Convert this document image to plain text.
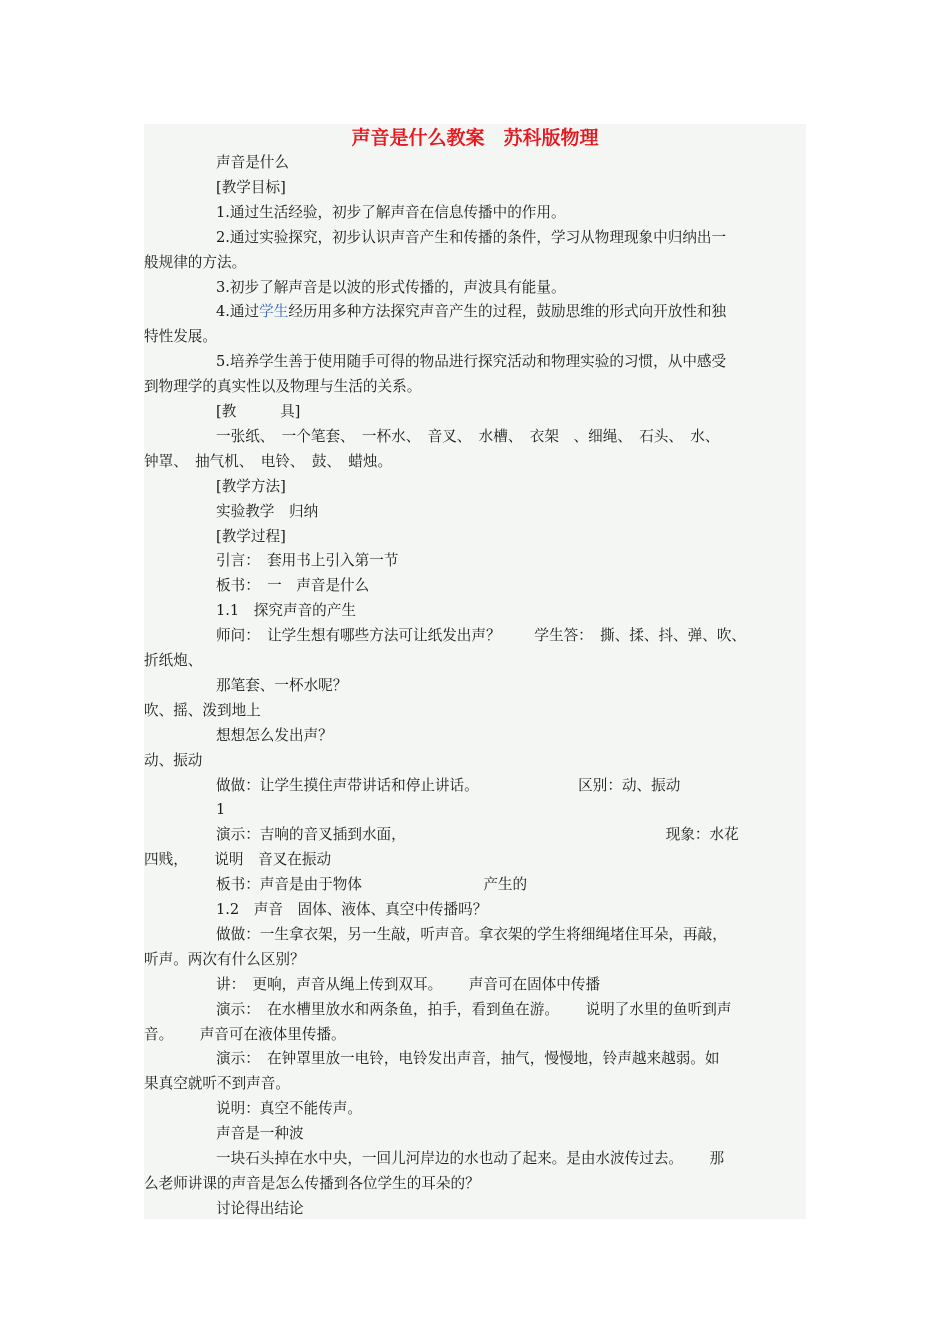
声音是什么教案　苏科版物理
声音是什么
[教学目标]
1.通过生活经验，初步了解声音在信息传播中的作用。
2.通过实验探究，初步认识声音产生和传播的条件，学习从物理现象中归纳出一
般规律的方法。
3.初步了解声音是以波的形式传播的，声波具有能量。
4.通过学生经历用多种方法探究声音产生的过程，鼓励思维的形式向开放性和独
特性发展。
5.培养学生善于使用随手可得的物品进行探究活动和物理实验的习惯，从中感受
到物理学的真实性以及物理与生活的关系。
[教　　　具]
一张纸、　一个笔套、　一杯水、　音叉、　水槽、　衣架　、细绳、　石头、　水、
钟罩、　抽气机、　电铃、　鼓、　蜡烛。
[教学方法]
实验教学　归纳
[教学过程]
引言：　套用书上引入第一节
板书：　一　声音是什么
1.1　探究声音的产生
师问：　让学生想有哪些方法可让纸发出声？　　 学生答：　撕、揉、抖、弹、吹、
折纸炮、
那笔套、一杯水呢？
吹、摇、泼到地上
想想怎么发出声？
动、振动
做做：让学生摸住声带讲话和停止讲话。　　　　　　　 区别：动、振动
1
演示：吉响的音叉插到水面，　　　　　　　　　　　　　　　　　　 现象：水花
四贱，　　 说明　音叉在振动
板书：声音是由于物体　　　　　　　　 产生的
1.2　声音　固体、液体、真空中传播吗？
做做：一生拿衣架，另一生敲，听声音。拿衣架的学生将细绳堵住耳朵，再敲，
听声。两次有什么区别？
讲：　更响，声音从绳上传到双耳。　　 声音可在固体中传播
演示：　在水槽里放水和两条鱼，拍手，看到鱼在游。　　 说明了水里的鱼听到声
音。　　 声音可在液体里传播。
演示：　在钟罩里放一电铃，电铃发出声音，抽气，慢慢地，铃声越来越弱。如
果真空就听不到声音。
说明：真空不能传声。
声音是一种波
一块石头掉在水中央，一回儿河岸边的水也动了起来。是由水波传过去。　　 那
么老师讲课的声音是怎么传播到各位学生的耳朵的？
讨论得出结论
